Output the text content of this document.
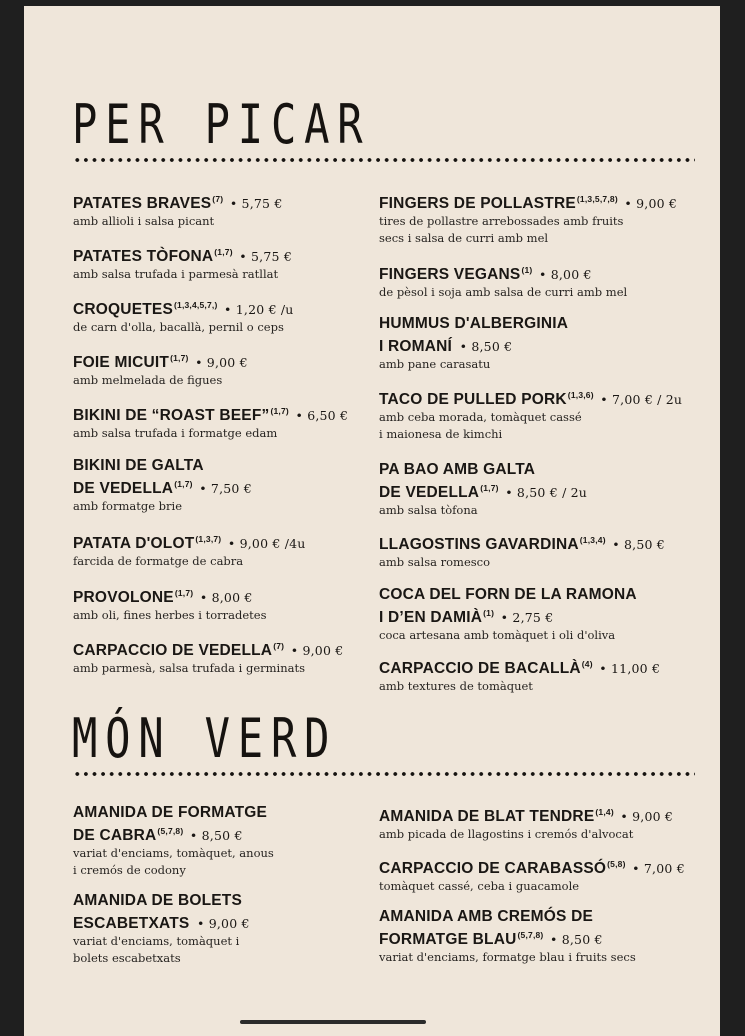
PER PICAR
PATATES BRAVES$^{(7)}$ • 5,75 €
amb allioli i salsa picant
PATATES TÒFONA$^{(1,7)}$ • 5,75 €
amb salsa trufada i parmesà ratllat
$CROQUETES^{(1,3,4,5,7,)}$ • 1,20 € /u
de carn d'olla, bacallà, pernil o ceps
FOIE MICUIT$^{(1,7)}$ • 9,00 €
amb melmelada de figues
BIKINI DE “ROAST BEEF”$^{(1,7)}$ • 6,50 €
amb salsa trufada i formatge edam
BIKINI DE GALTA
DE VEDELLA$^{(1,7)}$ • 7,50 €
amb formatge brie
PATATA D'OLOT$^{(1,3,7)}$ • 9,00 € /4u
farcida de formatge de cabra
PROVOLONE$^{(1,7)}$ • 8,00 €
amb oli, fines herbes i torradetes
CARPACCIO DE VEDELLA$^{(7)}$ • 9,00 €
amb parmesà, salsa trufada i germinats
FINGERS DE POLLASTRE$^{(1,3,5,7,8)}$ • 9,00 €
tires de pollastre arrebossades amb fruits
secs i salsa de curri amb mel
FINGERS VEGANS$^{(1)}$ • 8,00 €
de pèsol i soja amb salsa de curri amb mel
HUMMUS D'ALBERGINIA
I ROMANÍ • 8,50 €
amb pane carasatu
TACO DE PULLED PORK$^{(1,3,6)}$ • 7,00 € / 2u
amb ceba morada, tomàquet cassé
i maionesa de kimchi
PA BAO AMB GALTA
DE VEDELLA$^{(1,7)}$ • 8,50 € / 2u
amb salsa tòfona
LLAGOSTINS GAVARDINA$^{(1,3,4)}$ • 8,50 €
amb salsa romesco
COCA DEL FORN DE LA RAMONA
I D’EN DAMIÀ$^{(1)}$ • 2,75 €
coca artesana amb tomàquet i oli d'oliva
CARPACCIO DE BACALLÀ$^{(4)}$ • 11,00 €
amb textures de tomàquet
MÓN VERD
AMANIDA DE FORMATGE
DE CABRA$^{(5,7,8)}$ • 8,50 €
variat d'enciams, tomàquet, anous
i cremós de codony
AMANIDA DE BOLETS
ESCABETXATS • 9,00 €
variat d'enciams, tomàquet i
bolets escabetxats
AMANIDA DE BLAT TENDRE$^{(1,4)}$ • 9,00 €
amb picada de llagostins i cremós d'alvocat
CARPACCIO DE CARABASSÓ$^{(5,8)}$ • 7,00 €
tomàquet cassé, ceba i guacamole
AMANIDA AMB CREMÓS DE
FORMATGE BLAU$^{(5,7,8)}$ • 8,50 €
variat d'enciams, formatge blau i fruits secs
